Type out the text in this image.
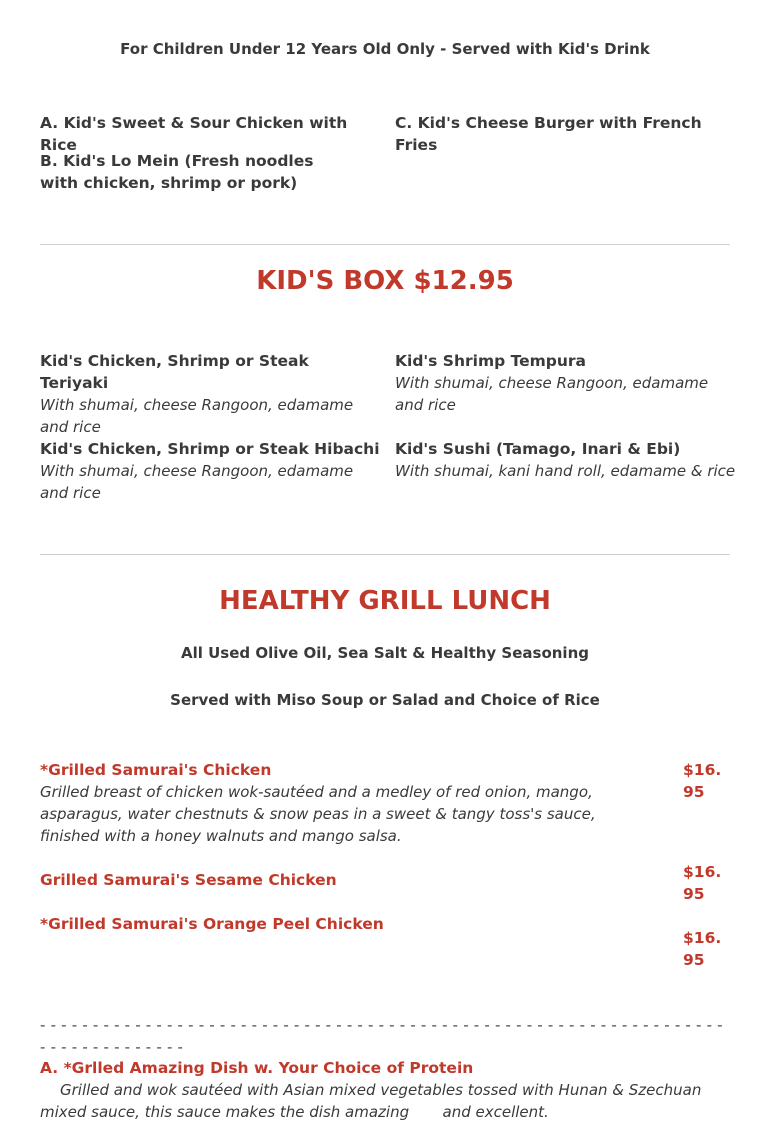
For Children Under 12 Years Old Only - Served with Kid's Drink
A. Kid's Sweet & Sour Chicken with Rice
C. Kid's Cheese Burger with French Fries
B. Kid's Lo Mein (Fresh noodles with chicken, shrimp or pork)
KID'S BOX $12.95
Kid's Chicken, Shrimp or Steak Teriyaki
With shumai, cheese Rangoon, edamame and rice
Kid's Shrimp Tempura
With shumai, cheese Rangoon, edamame and rice
Kid's Chicken, Shrimp or Steak Hibachi
With shumai, cheese Rangoon, edamame and rice
Kid's Sushi (Tamago, Inari & Ebi)
With shumai, kani hand roll, edamame & rice
HEALTHY GRILL LUNCH
All Used Olive Oil, Sea Salt & Healthy Seasoning
Served with Miso Soup or Salad and Choice of Rice
*Grilled Samurai's Chicken
Grilled breast of chicken wok-sautéed and a medley of red onion, mango, asparagus, water chestnuts & snow peas in a sweet & tangy toss's sauce, finished with a honey walnuts and mango salsa.
$16.95
Grilled Samurai's Sesame Chicken	$16.95
*Grilled Samurai's Orange Peel Chicken
$16.95
- - - - - - - - - - - - - - - - - - - - - - - - - - - - - - - - - - - - - - - - - - - - - - - - - - - - - - - - - - - - - - - - - - - - - - - - - - - - - - -
A. *Grlled Amazing Dish w. Your Choice of Protein
Grilled and wok sautéed with Asian mixed vegetables tossed with Hunan & Szechuan mixed sauce, this sauce makes the dish amazing       and excellent.
